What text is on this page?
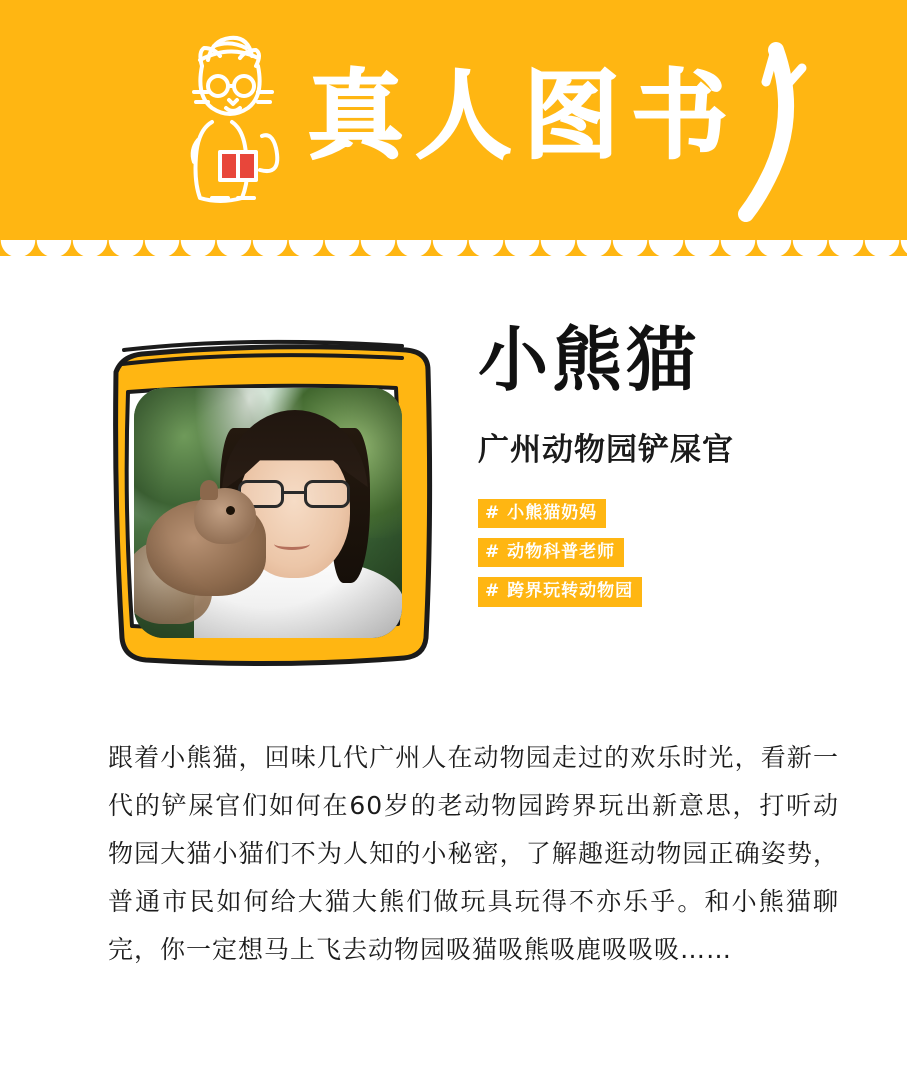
真人图书
小熊猫
广州动物园铲屎官
# 小熊猫奶妈
# 动物科普老师
# 跨界玩转动物园
跟着小熊猫，回味几代广州人在动物园走过的欢乐时光，看新一代的铲屎官们如何在60岁的老动物园跨界玩出新意思，打听动物园大猫小猫们不为人知的小秘密，了解趣逛动物园正确姿势，普通市民如何给大猫大熊们做玩具玩得不亦乐乎。和小熊猫聊完，你一定想马上飞去动物园吸猫吸熊吸鹿吸吸吸……
